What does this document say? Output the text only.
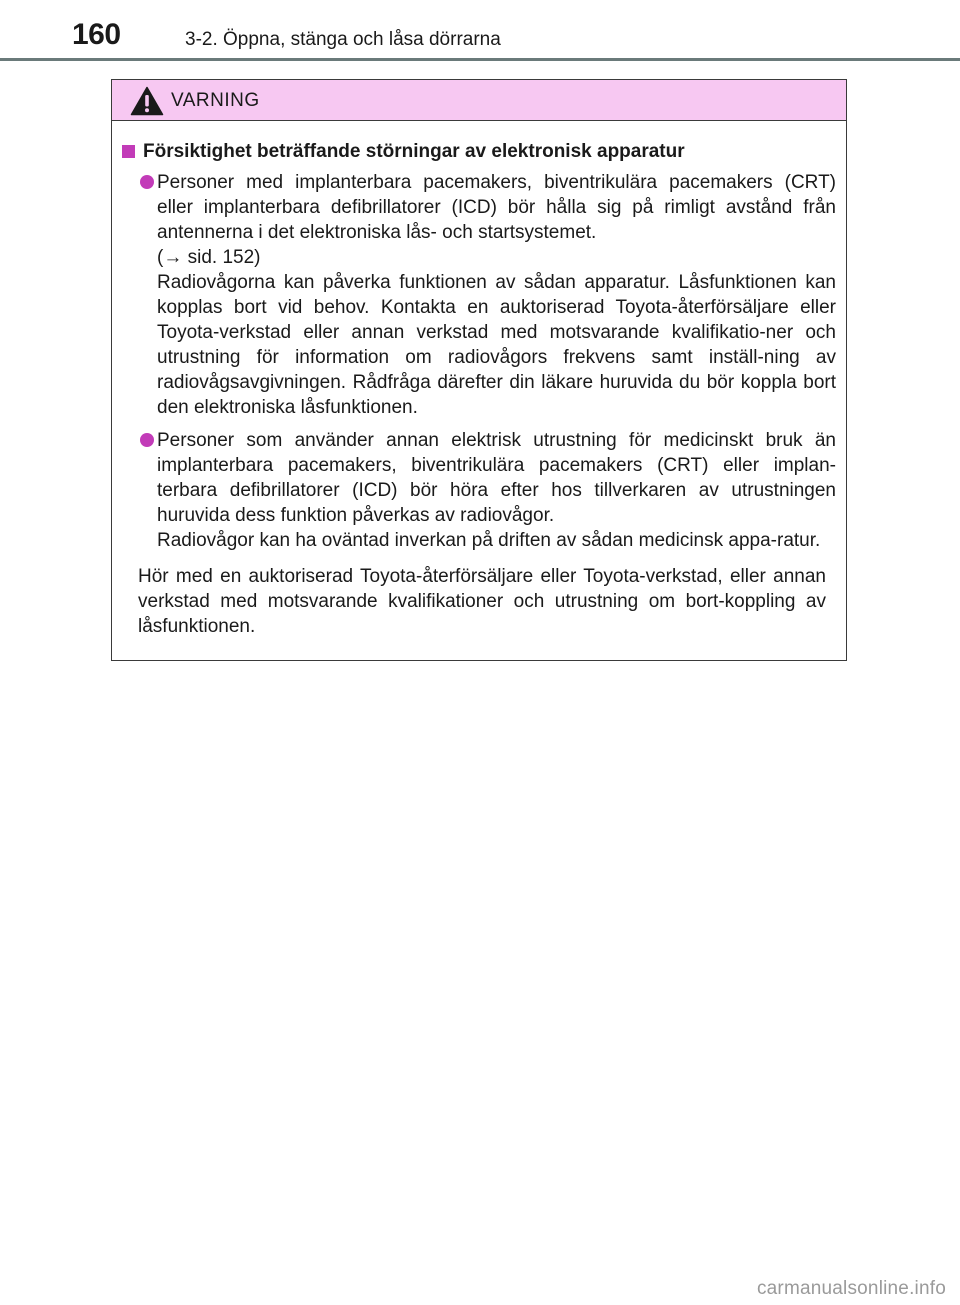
160	3-2. Öppna, stänga och låsa dörrarna
VARNING
Försiktighet beträffande störningar av elektronisk apparatur

Personer med implanterbara pacemakers, biventrikulära pacemakers (CRT) eller implanterbara defibrillatorer (ICD) bör hålla sig på rimligt avstånd från antennerna i det elektroniska lås- och startsystemet.

(→ sid. 152)

Radiovågorna kan påverka funktionen av sådan apparatur. Låsfunktionen kan kopplas bort vid behov. Kontakta en auktoriserad Toyota-återförsäljare eller Toyota-verkstad eller annan verkstad med motsvarande kvalifikatio-ner och utrustning för information om radiovågors frekvens samt inställ-ning av radiovågsavgivningen. Rådfråga därefter din läkare huruvida du bör koppla bort den elektroniska låsfunktionen.

Personer som använder annan elektrisk utrustning för medicinskt bruk än implanterbara pacemakers, biventrikulära pacemakers (CRT) eller implan-terbara defibrillatorer (ICD) bör höra efter hos tillverkaren av utrustningen huruvida dess funktion påverkas av radiovågor.

Radiovågor kan ha oväntad inverkan på driften av sådan medicinsk appa-ratur.

Hör med en auktoriserad Toyota-återförsäljare eller Toyota-verkstad, eller annan verkstad med motsvarande kvalifikationer och utrustning om bort-koppling av låsfunktionen.

carmanualsonline.info
